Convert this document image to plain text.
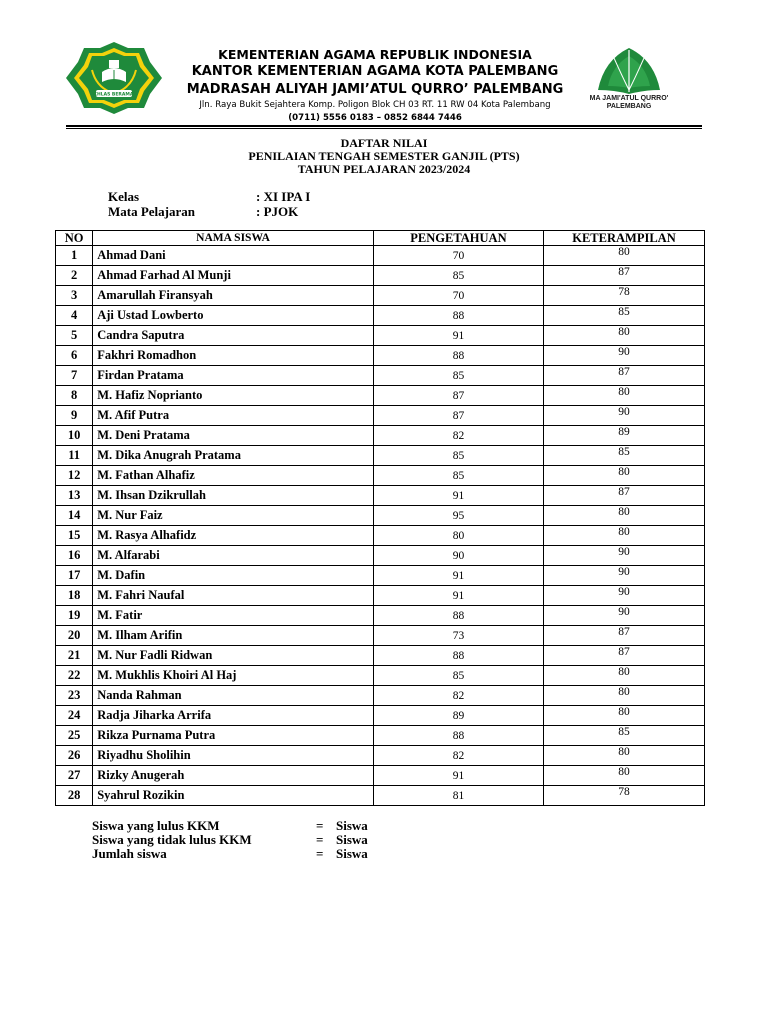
IKHLAS BERAMAL
KEMENTERIAN AGAMA REPUBLIK INDONESIA
KANTOR KEMENTERIAN AGAMA KOTA PALEMBANG
MADRASAH ALIYAH JAMI’ATUL QURRO’ PALEMBANG
Jln. Raya Bukit Sejahtera Komp. Poligon Blok CH 03 RT. 11 RW 04 Kota Palembang
(0711) 5556 0183 – 0852 6844 7446
MA JAMI'ATUL QURRO'
PALEMBANG
DAFTAR NILAI
PENILAIAN TENGAH SEMESTER GANJIL (PTS)
TAHUN PELAJARAN 2023/2024
Kelas	: XI IPA I
Mata Pelajaran	: PJOK
NO	NAMA SISWA	PENGETAHUAN	KETERAMPILAN
1	Ahmad Dani	70	80
2	Ahmad Farhad Al Munji	85	87
3	Amarullah Firansyah	70	78
4	Aji Ustad Lowberto	88	85
5	Candra Saputra	91	80
6	Fakhri Romadhon	88	90
7	Firdan Pratama	85	87
8	M. Hafiz Noprianto	87	80
9	M. Afif Putra	87	90
10	M. Deni Pratama	82	89
11	M. Dika Anugrah Pratama	85	85
12	M. Fathan Alhafiz	85	80
13	M. Ihsan Dzikrullah	91	87
14	M. Nur Faiz	95	80
15	M. Rasya Alhafidz	80	80
16	M. Alfarabi	90	90
17	M. Dafin	91	90
18	M. Fahri Naufal	91	90
19	M. Fatir	88	90
20	M. Ilham Arifin	73	87
21	M. Nur Fadli Ridwan	88	87
22	M. Mukhlis Khoiri Al Haj	85	80
23	Nanda Rahman	82	80
24	Radja Jiharka Arrifa	89	80
25	Rikza Purnama Putra	88	85
26	Riyadhu Sholihin	82	80
27	Rizky Anugerah	91	80
28	Syahrul Rozikin	81	78
Siswa yang lulus KKM	= Siswa
Siswa yang tidak lulus KKM	= Siswa
Jumlah siswa	= Siswa
